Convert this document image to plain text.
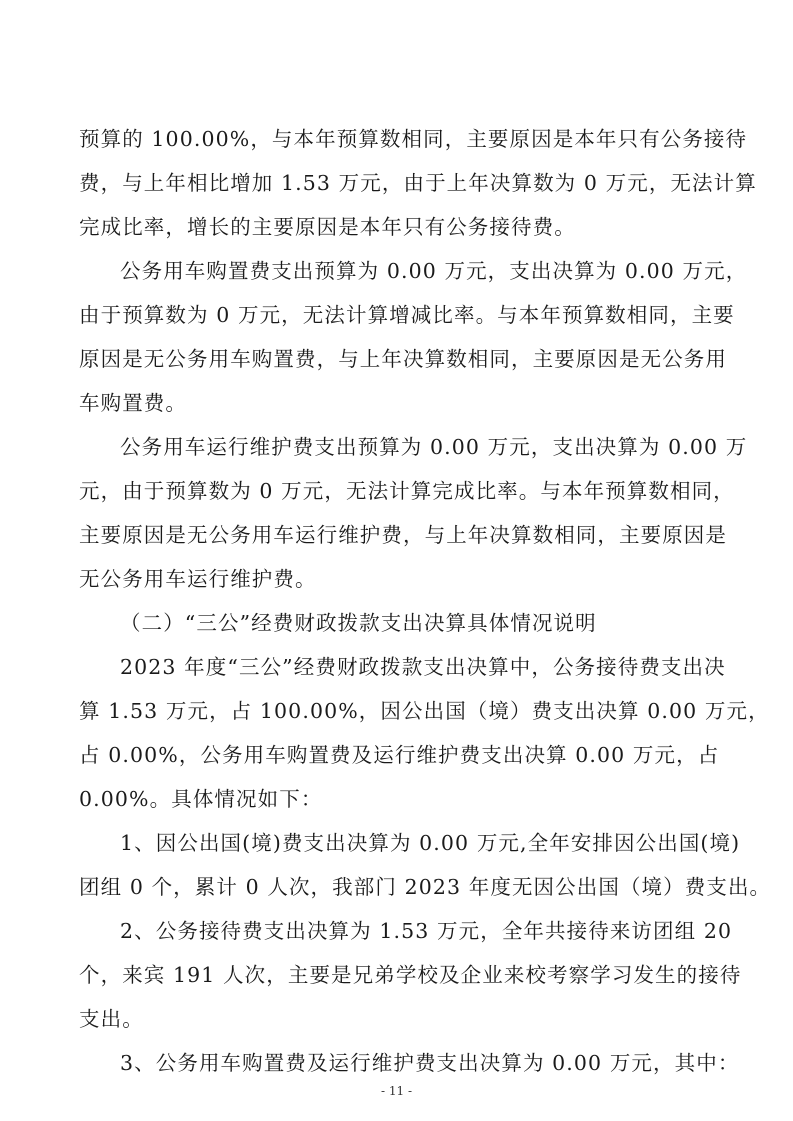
预算的 100.00%，与本年预算数相同，主要原因是本年只有公务接待
费，与上年相比增加 1.53 万元，由于上年决算数为 0 万元，无法计算
完成比率，增长的主要原因是本年只有公务接待费。
公务用车购置费支出预算为 0.00 万元，支出决算为 0.00 万元，
由于预算数为 0 万元，无法计算增减比率。与本年预算数相同，主要
原因是无公务用车购置费，与上年决算数相同，主要原因是无公务用
车购置费。
公务用车运行维护费支出预算为 0.00 万元，支出决算为 0.00 万
元，由于预算数为 0 万元，无法计算完成比率。与本年预算数相同，
主要原因是无公务用车运行维护费，与上年决算数相同，主要原因是
无公务用车运行维护费。
（二）“三公”经费财政拨款支出决算具体情况说明
2023 年度“三公”经费财政拨款支出决算中，公务接待费支出决
算 1.53 万元，占 100.00%，因公出国（境）费支出决算 0.00 万元，
占 0.00%，公务用车购置费及运行维护费支出决算 0.00 万元，占
0.00%。具体情况如下：
1、因公出国(境)费支出决算为 0.00 万元,全年安排因公出国(境)
团组 0 个，累计 0 人次，我部门 2023 年度无因公出国（境）费支出。
2、公务接待费支出决算为 1.53 万元，全年共接待来访团组 20
个，来宾 191 人次，主要是兄弟学校及企业来校考察学习发生的接待
支出。
3、公务用车购置费及运行维护费支出决算为 0.00 万元，其中：
- 11 -
